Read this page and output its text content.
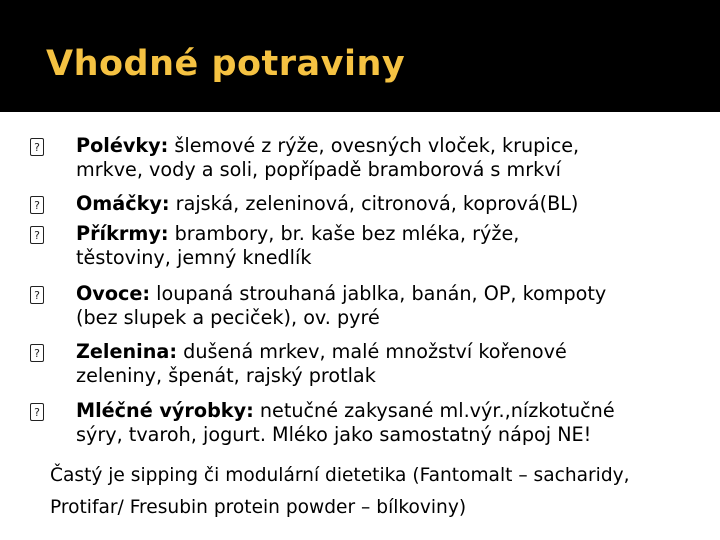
Vhodné potraviny
? Polévky: šlemové z rýže, ovesných vloček, krupice,
mrkve, vody a soli, popřípadě bramborová s mrkví
? Omáčky: rajská, zeleninová, citronová, koprová(BL)
? Příkrmy: brambory, br. kaše bez mléka, rýže,
těstoviny, jemný knedlík
? Ovoce: loupaná strouhaná jablka, banán, OP, kompoty
(bez slupek a peciček), ov. pyré
? Zelenina: dušená mrkev, malé množství kořenové
zeleniny, špenát, rajský protlak
? Mléčné výrobky: netučné zakysané ml.výr.,nízkotučné
sýry, tvaroh, jogurt. Mléko jako samostatný nápoj NE!
Častý je sipping či modulární dietetika (Fantomalt – sacharidy,
Protifar/ Fresubin protein powder – bílkoviny)
